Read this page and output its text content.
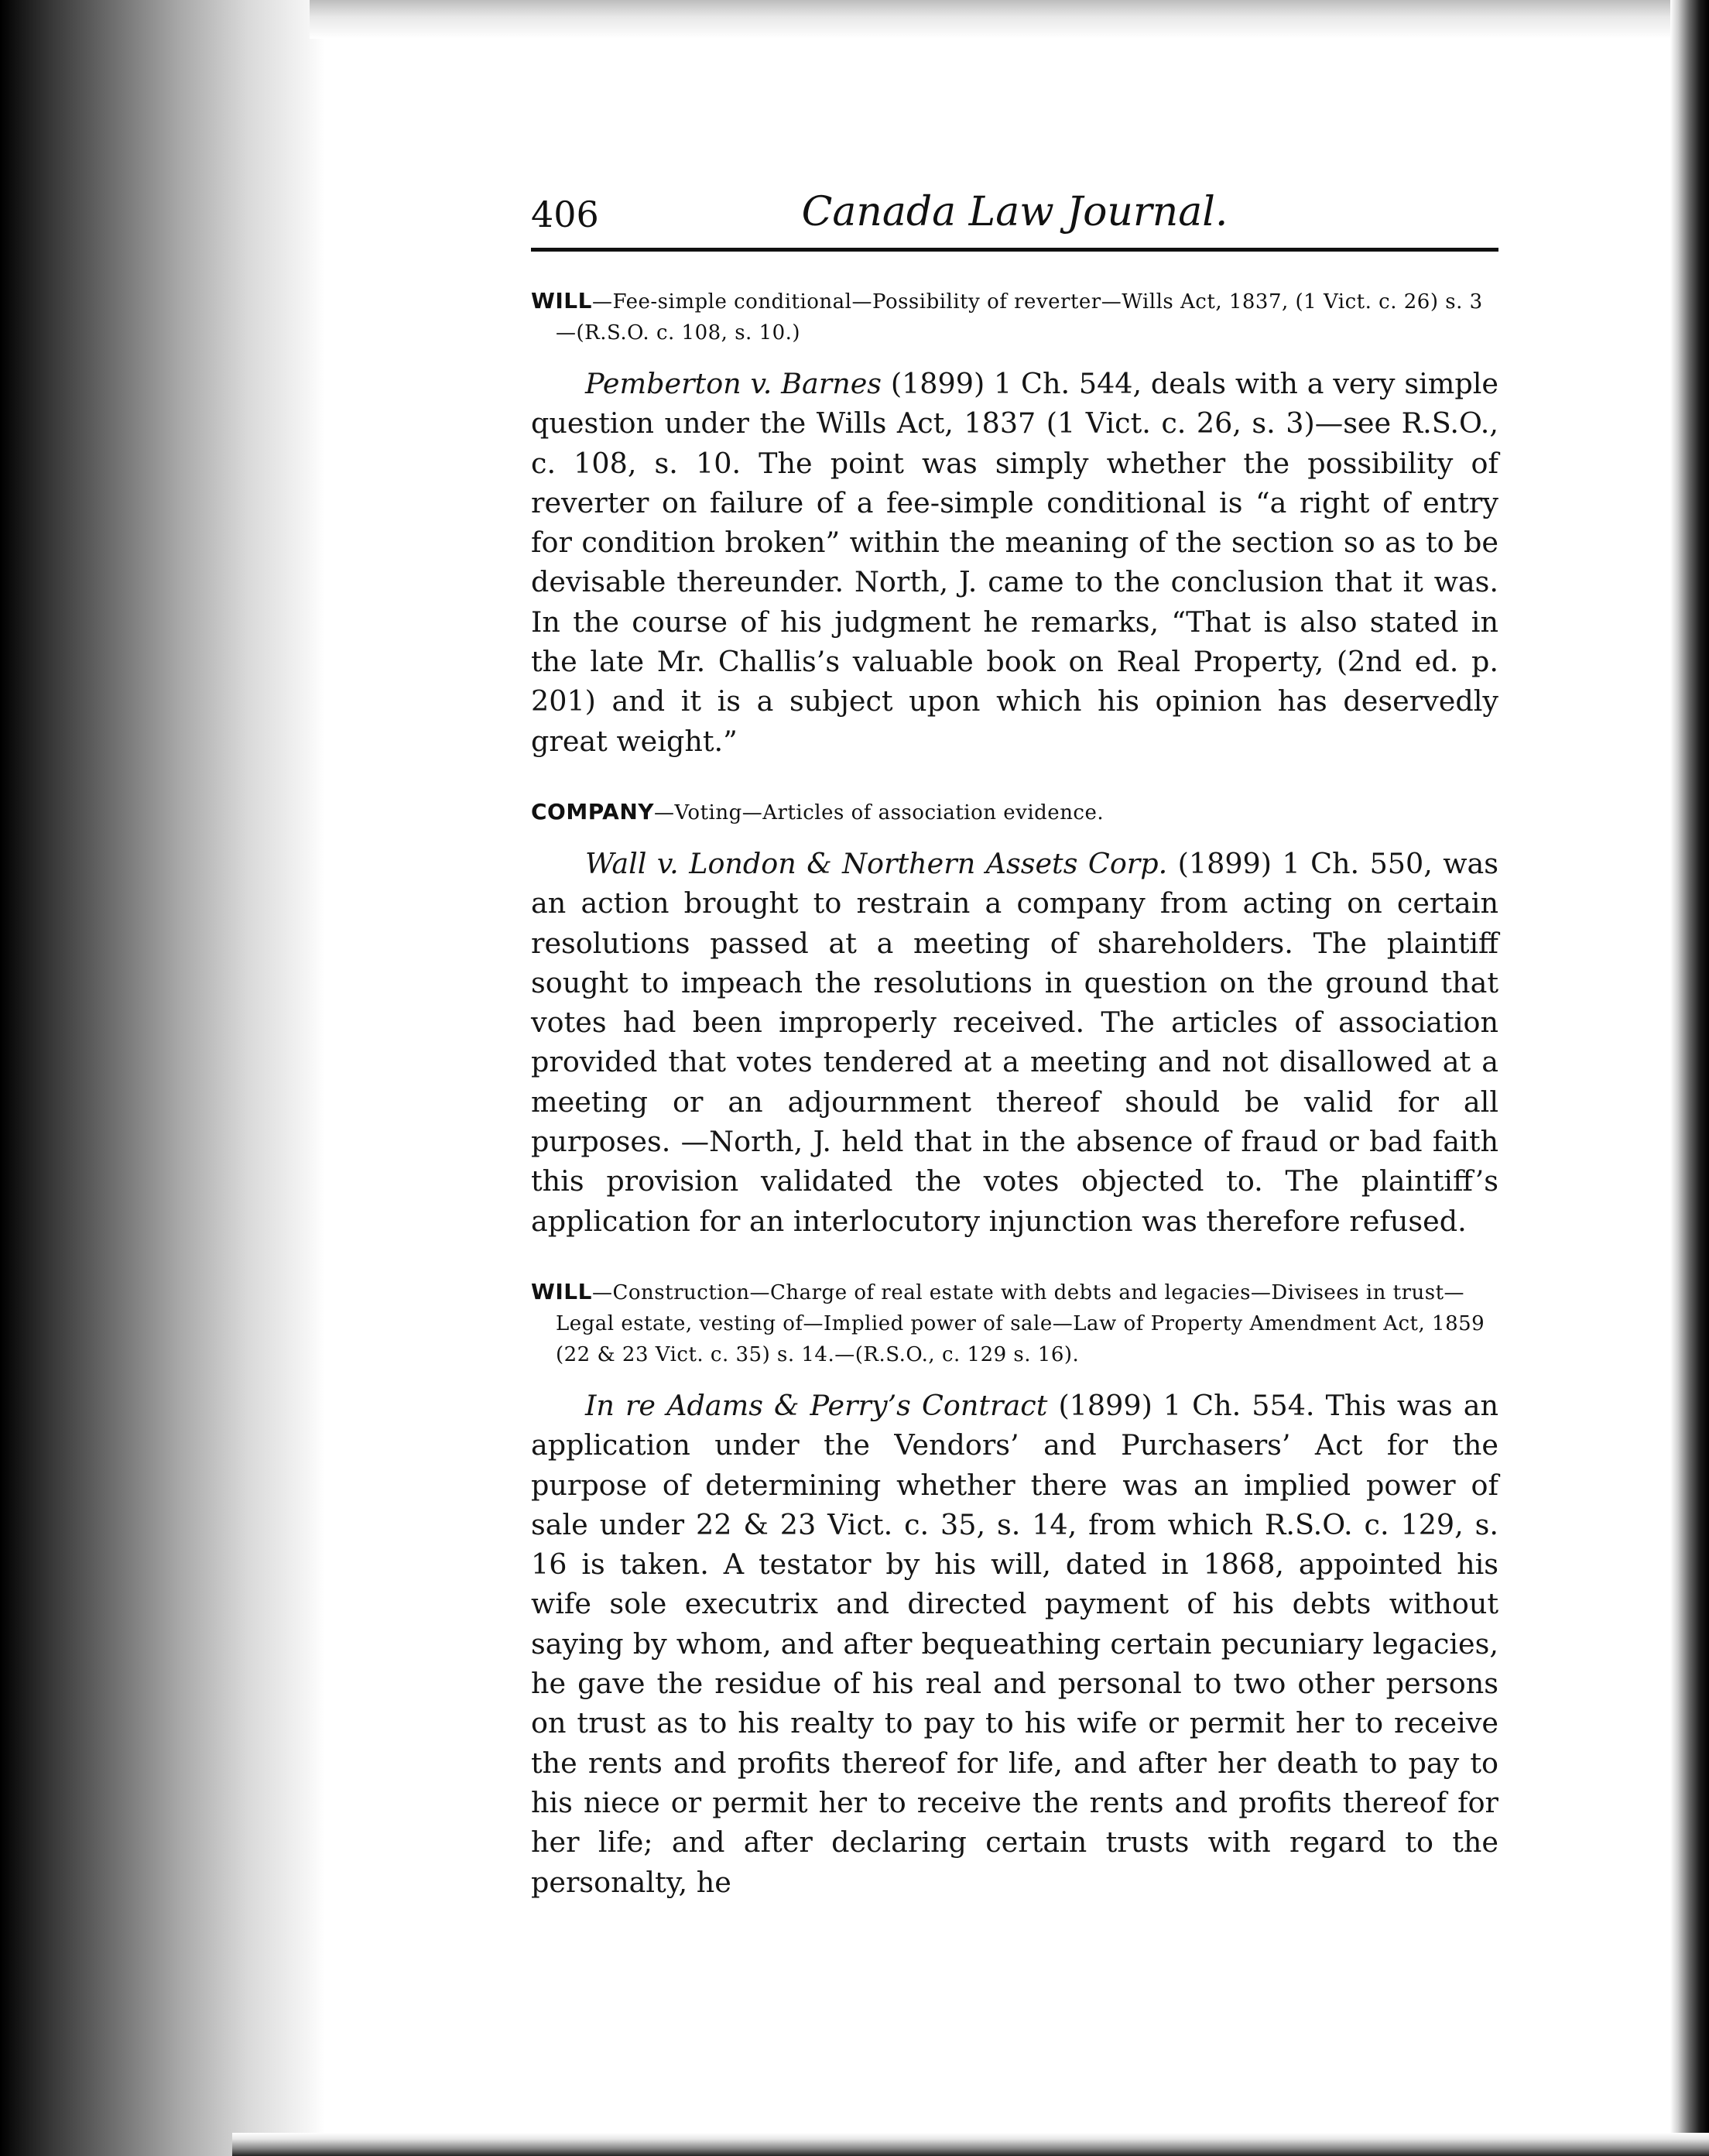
406	Canada Law Journal.

WILL—Fee-simple conditional—Possibility of reverter—Wills Act, 1837, (1 Vict. c. 26) s. 3—(R.S.O. c. 108, s. 10.)

Pemberton v. Barnes (1899) 1 Ch. 544, deals with a very simple question under the Wills Act, 1837 (1 Vict. c. 26, s. 3)—see R.S.O., c. 108, s. 10. The point was simply whether the possibility of reverter on failure of a fee-simple conditional is “a right of entry for condition broken” within the meaning of the section so as to be devisable thereunder. North, J. came to the conclusion that it was. In the course of his judgment he remarks, “That is also stated in the late Mr. Challis’s valuable book on Real Property, (2nd ed. p. 201) and it is a subject upon which his opinion has deservedly great weight.”

COMPANY—Voting—Articles of association evidence.

Wall v. London & Northern Assets Corp. (1899) 1 Ch. 550, was an action brought to restrain a company from acting on certain resolutions passed at a meeting of shareholders. The plaintiff sought to impeach the resolutions in question on the ground that votes had been improperly received. The articles of association provided that votes tendered at a meeting and not disallowed at a meeting or an adjournment thereof should be valid for all purposes. —North, J. held that in the absence of fraud or bad faith this provision validated the votes objected to. The plaintiff’s application for an interlocutory injunction was therefore refused.

WILL—Construction—Charge of real estate with debts and legacies—Divisees in trust—Legal estate, vesting of—Implied power of sale—Law of Property Amendment Act, 1859 (22 & 23 Vict. c. 35) s. 14.—(R.S.O., c. 129 s. 16).

In re Adams & Perry’s Contract (1899) 1 Ch. 554. This was an application under the Vendors’ and Purchasers’ Act for the purpose of determining whether there was an implied power of sale under 22 & 23 Vict. c. 35, s. 14, from which R.S.O. c. 129, s. 16 is taken. A testator by his will, dated in 1868, appointed his wife sole executrix and directed payment of his debts without saying by whom, and after bequeathing certain pecuniary legacies, he gave the residue of his real and personal to two other persons on trust as to his realty to pay to his wife or permit her to receive the rents and profits thereof for life, and after her death to pay to his niece or permit her to receive the rents and profits thereof for her life; and after declaring certain trusts with regard to the personalty, he
